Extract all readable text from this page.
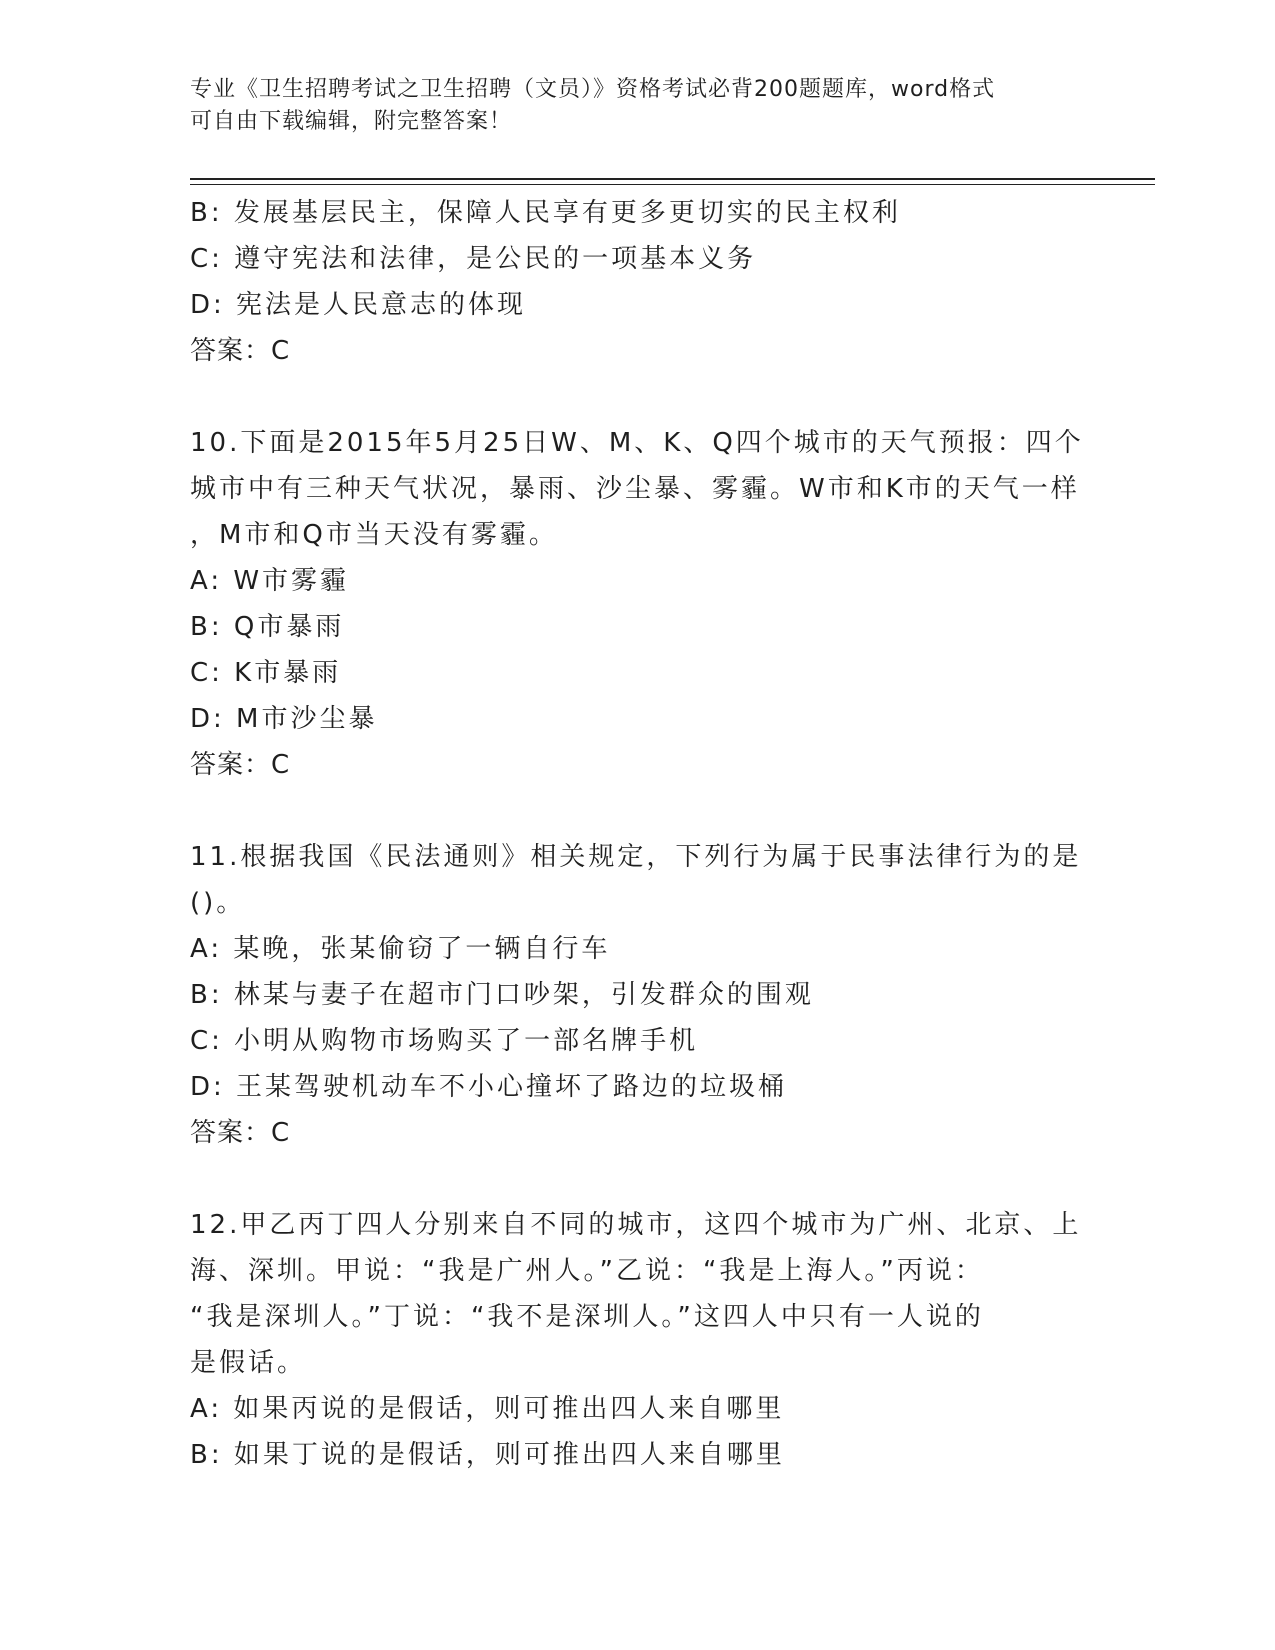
专业《卫生招聘考试之卫生招聘（文员）》资格考试必背200题题库，word格式
可自由下载编辑，附完整答案！
B: 发展基层民主，保障人民享有更多更切实的民主权利
C: 遵守宪法和法律，是公民的一项基本义务
D: 宪法是人民意志的体现
答案：C
10.下面是2015年5月25日W、M、K、Q四个城市的天气预报：四个
城市中有三种天气状况，暴雨、沙尘暴、雾霾。W市和K市的天气一样
，M市和Q市当天没有雾霾。
A: W市雾霾
B: Q市暴雨
C: K市暴雨
D: M市沙尘暴
答案：C
11.根据我国《民法通则》相关规定，下列行为属于民事法律行为的是
()。
A: 某晚，张某偷窃了一辆自行车
B: 林某与妻子在超市门口吵架，引发群众的围观
C: 小明从购物市场购买了一部名牌手机
D: 王某驾驶机动车不小心撞坏了路边的垃圾桶
答案：C
12.甲乙丙丁四人分别来自不同的城市，这四个城市为广州、北京、上
海、深圳。甲说：“我是广州人。”乙说：“我是上海人。”丙说：
“我是深圳人。”丁说：“我不是深圳人。”这四人中只有一人说的
是假话。
A: 如果丙说的是假话，则可推出四人来自哪里
B: 如果丁说的是假话，则可推出四人来自哪里
